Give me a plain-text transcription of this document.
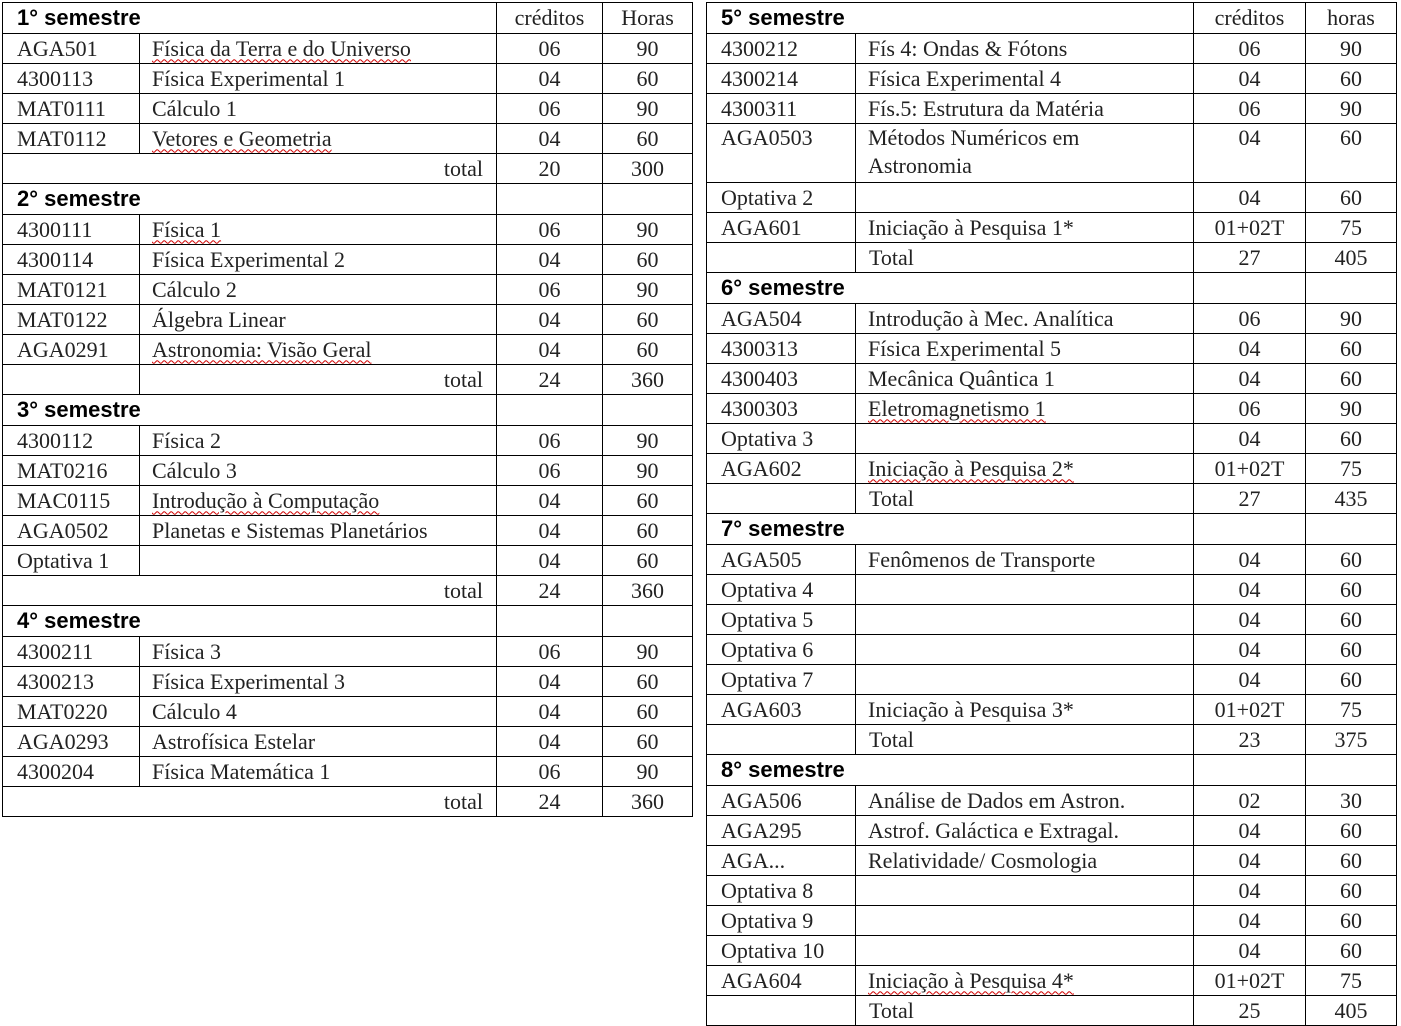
1° semestre		créditos	Horas
AGA501	Física da Terra e do Universo	06	90
4300113	Física Experimental 1	04	60
MAT0111	Cálculo 1	06	90
MAT0112	Vetores e Geometria	04	60
total		20	300
2° semestre			
4300111	Física 1	06	90
4300114	Física Experimental 2	04	60
MAT0121	Cálculo 2	06	90
MAT0122	Álgebra Linear	04	60
AGA0291	Astronomia: Visão Geral	04	60
	total	24	360
3° semestre			
4300112	Física 2	06	90
MAT0216	Cálculo 3	06	90
MAC0115	Introdução à Computação	04	60
AGA0502	Planetas e Sistemas Planetários	04	60
Optativa 1		04	60
total		24	360
4° semestre			
4300211	Física 3	06	90
4300213	Física Experimental 3	04	60
MAT0220	Cálculo 4	04	60
AGA0293	Astrofísica Estelar	04	60
4300204	Física Matemática 1	06	90
total		24	360
5° semestre		créditos	horas
4300212	Fís 4: Ondas & Fótons	06	90
4300214	Física Experimental 4	04	60
4300311	Fís.5: Estrutura da Matéria	06	90
AGA0503	Métodos Numéricos em Astronomia	04	60
Optativa 2		04	60
AGA601	Iniciação à Pesquisa 1*	01+02T	75
	Total	27	405
6° semestre			
AGA504	Introdução à Mec. Analítica	06	90
4300313	Física Experimental 5	04	60
4300403	Mecânica Quântica 1	04	60
4300303	Eletromagnetismo 1	06	90
Optativa 3		04	60
AGA602	Iniciação à Pesquisa 2*	01+02T	75
	Total	27	435
7° semestre			
AGA505	Fenômenos de Transporte	04	60
Optativa 4		04	60
Optativa 5		04	60
Optativa 6		04	60
Optativa 7		04	60
AGA603	Iniciação à Pesquisa 3*	01+02T	75
	Total	23	375
8° semestre			
AGA506	Análise de Dados em Astron.	02	30
AGA295	Astrof. Galáctica e Extragal.	04	60
AGA...	Relatividade/ Cosmologia	04	60
Optativa 8		04	60
Optativa 9		04	60
Optativa 10		04	60
AGA604	Iniciação à Pesquisa 4*	01+02T	75
	Total	25	405
